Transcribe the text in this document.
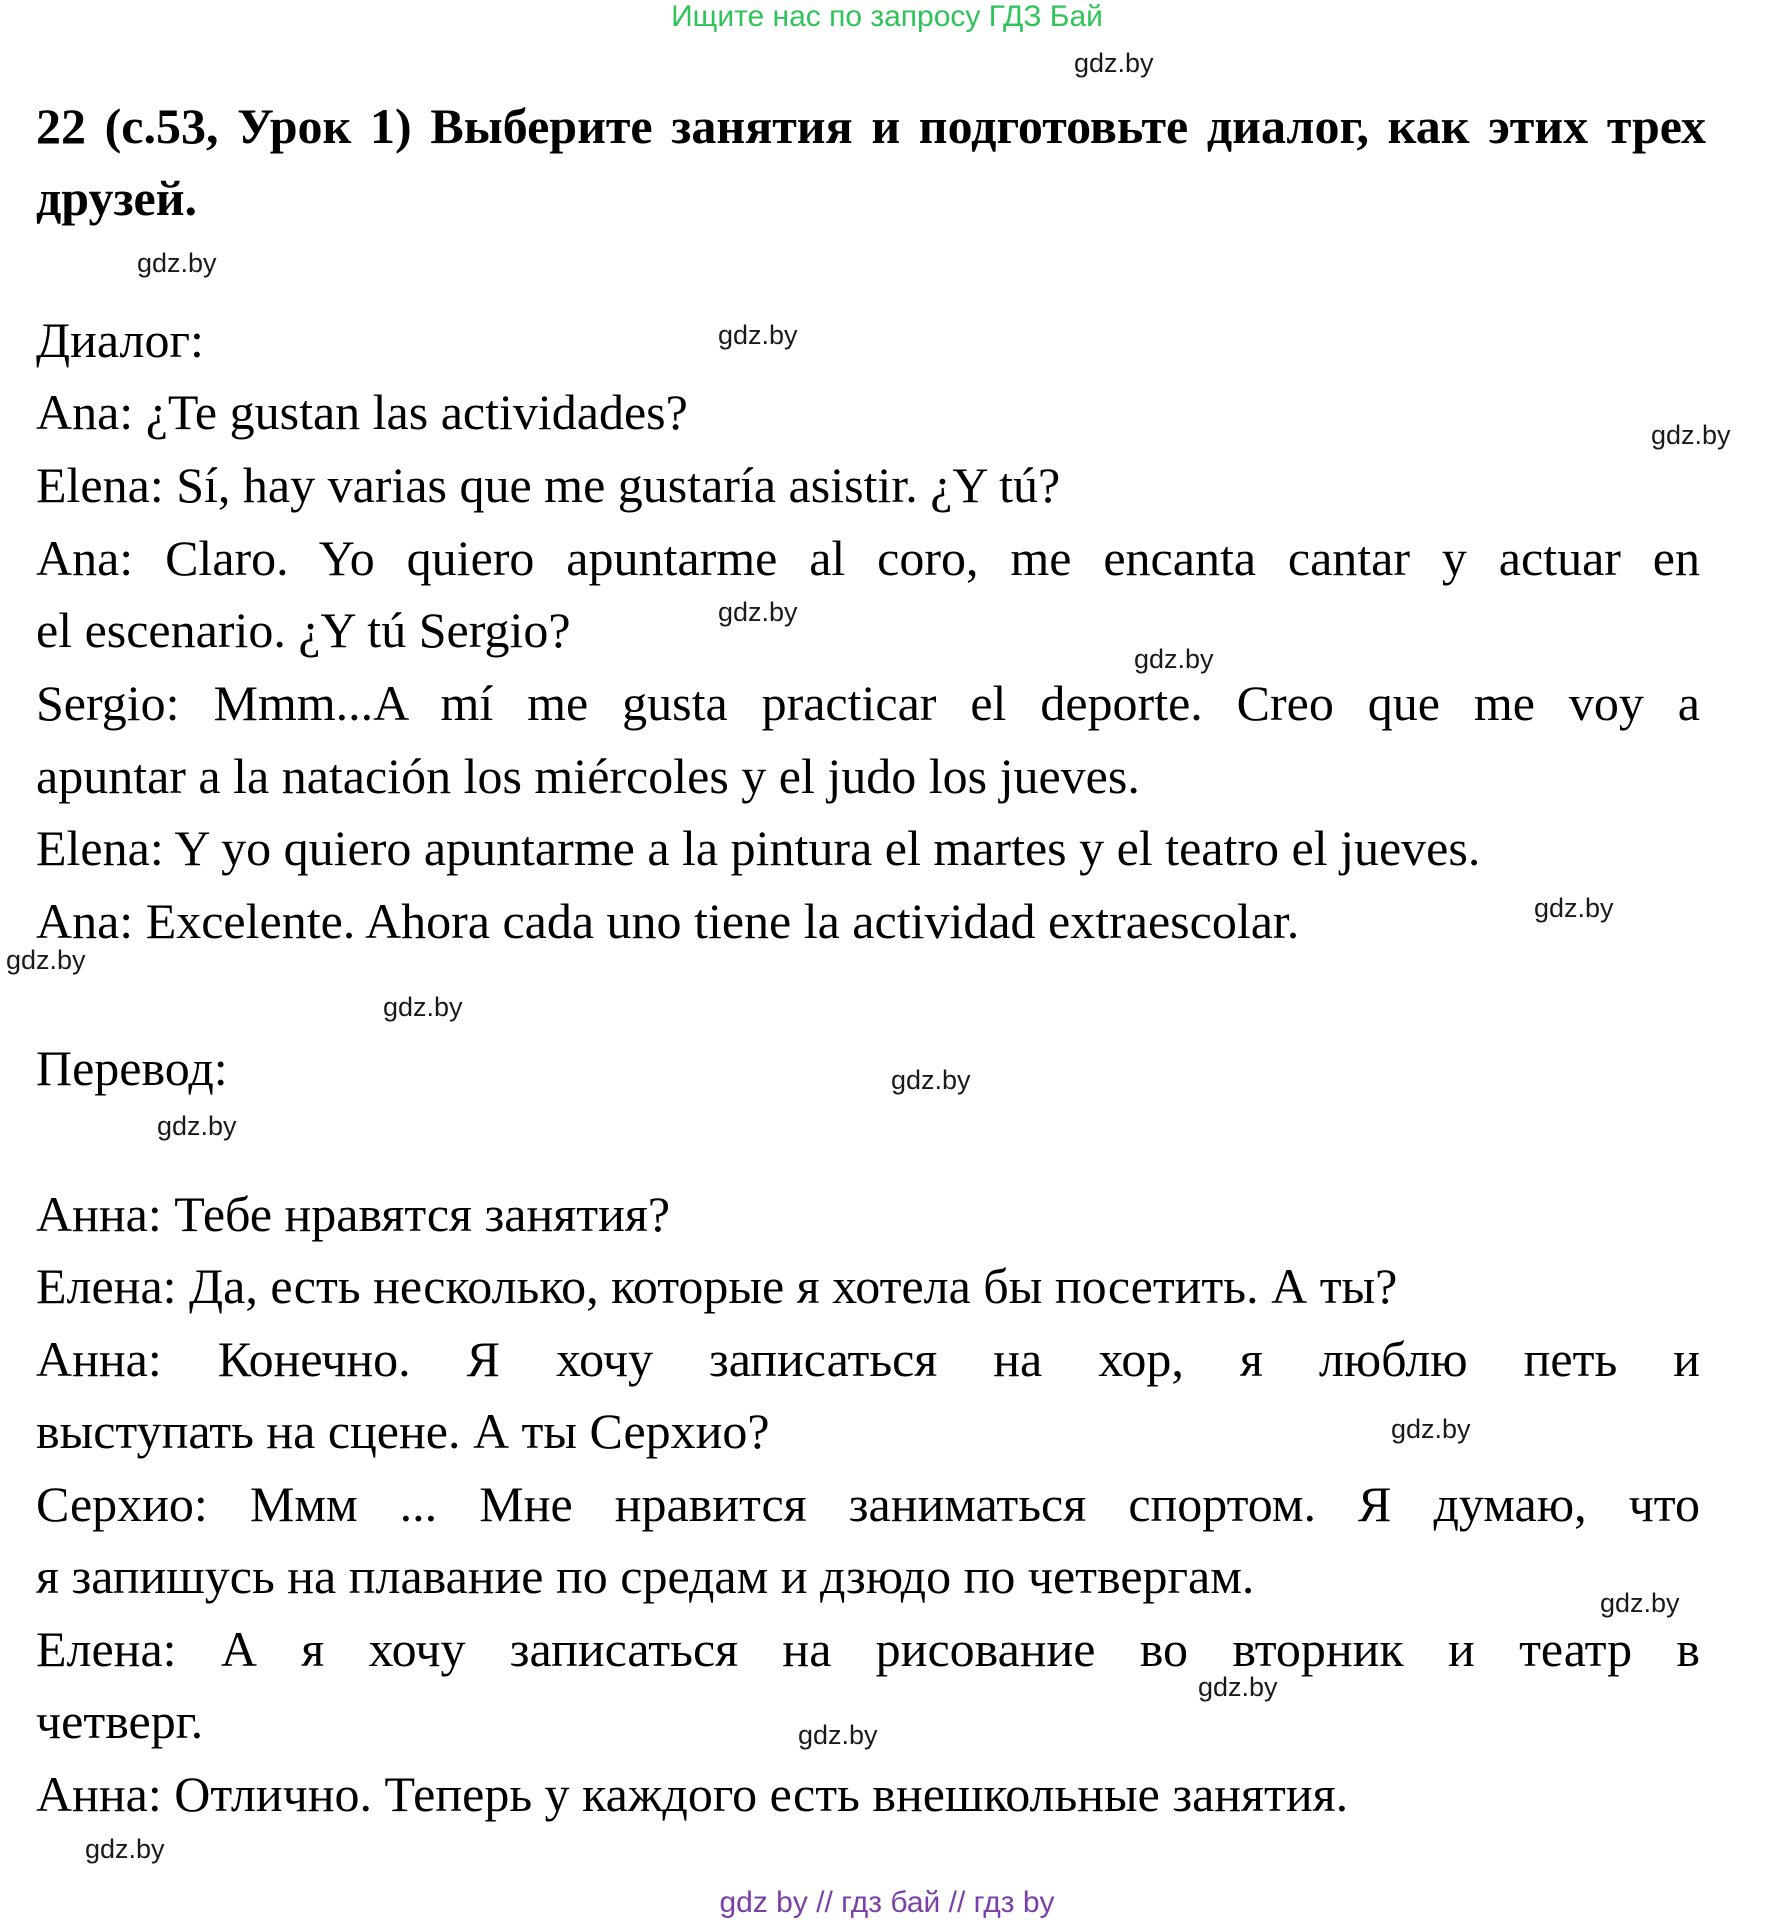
Ищите нас по запросу ГДЗ Бай
22 (с.53, Урок 1) Выберите занятия и подготовьте диалог, как этих трех друзей.
Диалог:
Ana: ¿Te gustan las actividades?
Elena: Sí, hay varias que me gustaría asistir. ¿Y tú?
Ana: Claro. Yo quiero apuntarme al coro, me encanta cantar y actuar en
el escenario. ¿Y tú Sergio?
Sergio: Mmm...A mí me gusta practicar el deporte. Creo que me voy a
apuntar a la natación los miércoles y el judo los jueves.
Elena: Y yo quiero apuntarme a la pintura el martes y el teatro el jueves.
Ana: Excelente. Ahora cada uno tiene la actividad extraescolar.
Перевод:
Анна: Тебе нравятся занятия?
Елена: Да, есть несколько, которые я хотела бы посетить. А ты?
Анна: Конечно. Я хочу записаться на хор, я люблю петь и
выступать на сцене. А ты Серхио?
Серхио: Ммм ... Мне нравится заниматься спортом. Я думаю, что
я запишусь на плавание по средам и дзюдо по четвергам.
Елена: А я хочу записаться на рисование во вторник и театр в
четверг.
Анна: Отлично. Теперь у каждого есть внешкольные занятия.
gdz.by
gdz.by
gdz.by
gdz.by
gdz.by
gdz.by
gdz.by
gdz.by
gdz.by
gdz.by
gdz.by
gdz.by
gdz.by
gdz.by
gdz.by
gdz.by
gdz by // гдз бай // гдз by
